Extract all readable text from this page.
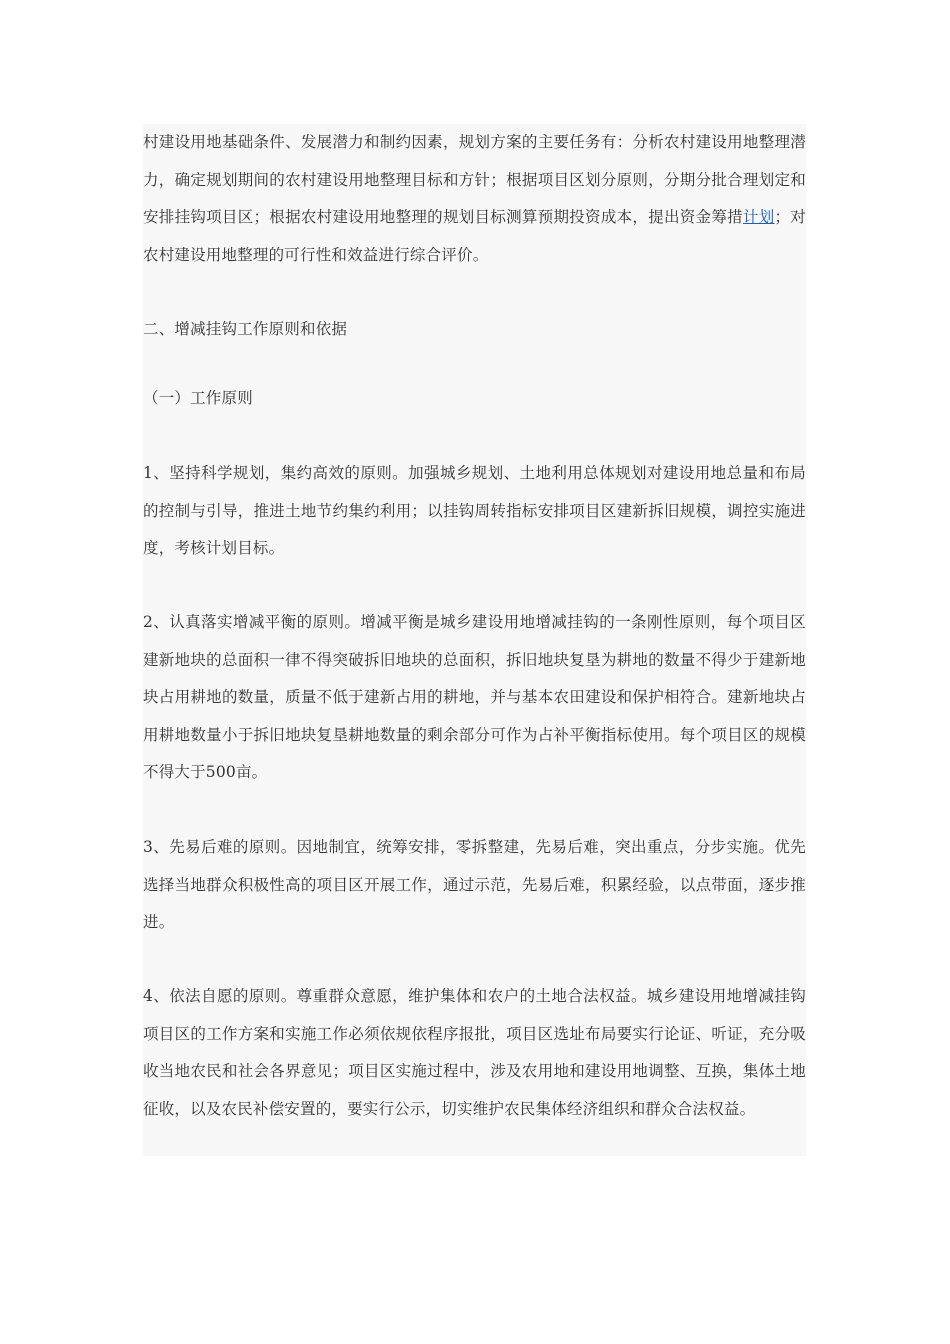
村建设用地基础条件、发展潜力和制约因素，规划方案的主要任务有：分析农村建设用地整理潜力，确定规划期间的农村建设用地整理目标和方针；根据项目区划分原则，分期分批合理划定和安排挂钩项目区；根据农村建设用地整理的规划目标测算预期投资成本，提出资金筹措计划；对农村建设用地整理的可行性和效益进行综合评价。

二、增减挂钩工作原则和依据

（一）工作原则

1、坚持科学规划，集约高效的原则。加强城乡规划、土地利用总体规划对建设用地总量和布局的控制与引导，推进土地节约集约利用；以挂钩周转指标安排项目区建新拆旧规模，调控实施进度，考核计划目标。

2、认真落实增减平衡的原则。增减平衡是城乡建设用地增减挂钩的一条刚性原则，每个项目区建新地块的总面积一律不得突破拆旧地块的总面积，拆旧地块复垦为耕地的数量不得少于建新地块占用耕地的数量，质量不低于建新占用的耕地，并与基本农田建设和保护相符合。建新地块占用耕地数量小于拆旧地块复垦耕地数量的剩余部分可作为占补平衡指标使用。每个项目区的规模不得大于500亩。

3、先易后难的原则。因地制宜，统筹安排，零拆整建，先易后难，突出重点，分步实施。优先选择当地群众积极性高的项目区开展工作，通过示范，先易后难，积累经验，以点带面，逐步推进。

4、依法自愿的原则。尊重群众意愿，维护集体和农户的土地合法权益。城乡建设用地增减挂钩项目区的工作方案和实施工作必须依规依程序报批，项目区选址布局要实行论证、听证，充分吸收当地农民和社会各界意见；项目区实施过程中，涉及农用地和建设用地调整、互换，集体土地征收，以及农民补偿安置的，要实行公示，切实维护农民集体经济组织和群众合法权益。
